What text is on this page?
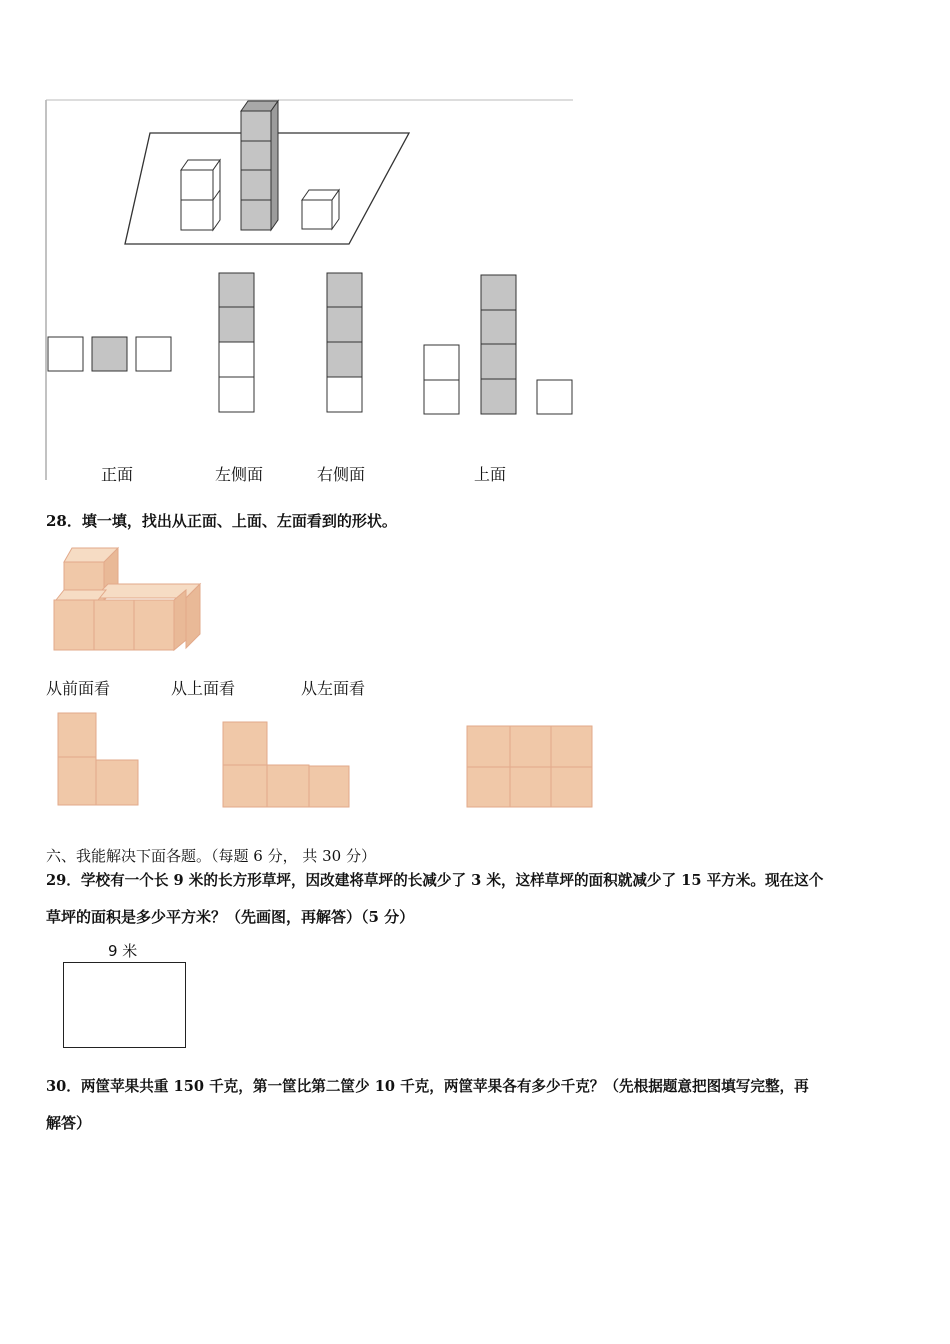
正面	左侧面	右侧面	上面
28．填一填，找出从正面、上面、左面看到的形状。
从前面看	从上面看	从左面看
六、我能解决下面各题。（每题 6 分， 共 30 分）
29．学校有一个长 9 米的长方形草坪，因改建将草坪的长减少了 3 米，这样草坪的面积就减少了 15 平方米。现在这个
草坪的面积是多少平方米？（先画图，再解答）（5 分）
9 米
30．两筐苹果共重 150 千克，第一筐比第二筐少 10 千克，两筐苹果各有多少千克？（先根据题意把图填写完整，再
解答）
